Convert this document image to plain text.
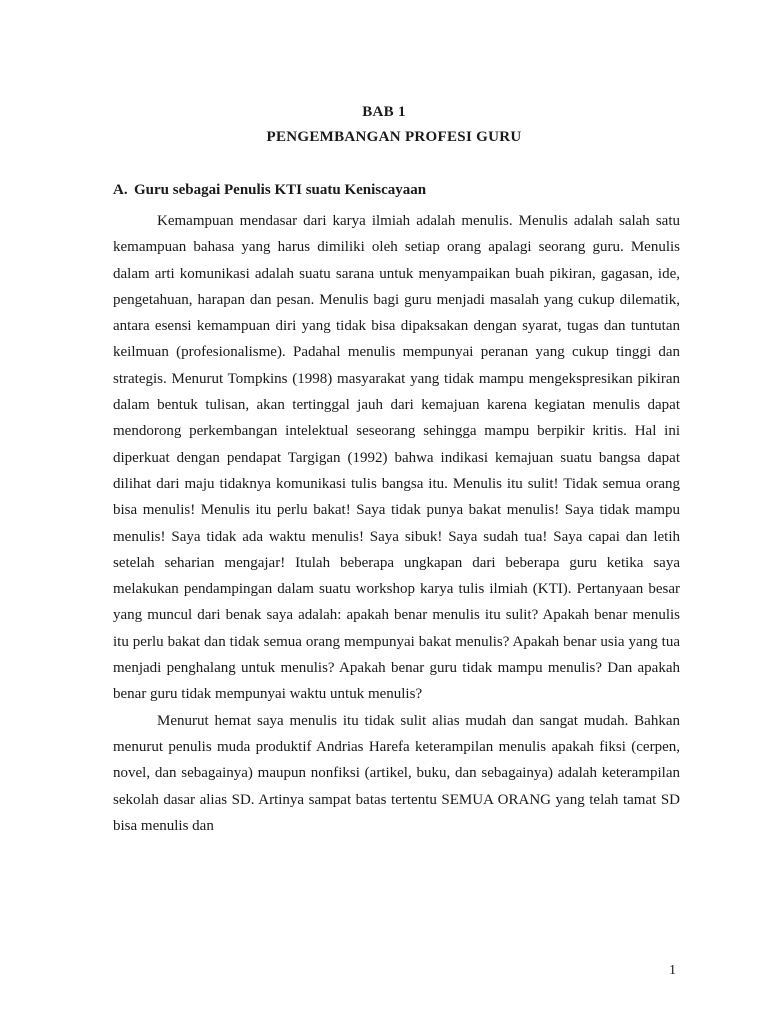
BAB 1
PENGEMBANGAN PROFESI GURU
A. Guru sebagai Penulis KTI suatu Keniscayaan

Kemampuan mendasar dari karya ilmiah adalah menulis. Menulis adalah salah satu kemampuan bahasa yang harus dimiliki oleh setiap orang apalagi seorang guru. Menulis dalam arti komunikasi adalah suatu sarana untuk menyampaikan buah pikiran, gagasan, ide, pengetahuan, harapan dan pesan. Menulis bagi guru menjadi masalah yang cukup dilematik, antara esensi kemampuan diri yang tidak bisa dipaksakan dengan syarat, tugas dan tuntutan keilmuan (profesionalisme). Padahal menulis mempunyai peranan yang cukup tinggi dan strategis. Menurut Tompkins (1998) masyarakat yang tidak mampu mengekspresikan pikiran dalam bentuk tulisan, akan tertinggal jauh dari kemajuan karena kegiatan menulis dapat mendorong perkembangan intelektual seseorang sehingga mampu berpikir kritis. Hal ini diperkuat dengan pendapat Targigan (1992) bahwa indikasi kemajuan suatu bangsa dapat dilihat dari maju tidaknya komunikasi tulis bangsa itu. Menulis itu sulit! Tidak semua orang bisa menulis! Menulis itu perlu bakat! Saya tidak punya bakat menulis! Saya tidak mampu menulis! Saya tidak ada waktu menulis! Saya sibuk! Saya sudah tua! Saya capai dan letih setelah seharian mengajar! Itulah beberapa ungkapan dari beberapa guru ketika saya melakukan pendampingan dalam suatu workshop karya tulis ilmiah (KTI). Pertanyaan besar yang muncul dari benak saya adalah: apakah benar menulis itu sulit? Apakah benar menulis itu perlu bakat dan tidak semua orang mempunyai bakat menulis? Apakah benar usia yang tua menjadi penghalang untuk menulis? Apakah benar guru tidak mampu menulis? Dan apakah benar guru tidak mempunyai waktu untuk menulis?

Menurut hemat saya menulis itu tidak sulit alias mudah dan sangat mudah. Bahkan menurut penulis muda produktif Andrias Harefa keterampilan menulis apakah fiksi (cerpen, novel, dan sebagainya) maupun nonfiksi (artikel, buku, dan sebagainya) adalah keterampilan sekolah dasar alias SD. Artinya sampat batas tertentu SEMUA ORANG yang telah tamat SD bisa menulis dan

1
